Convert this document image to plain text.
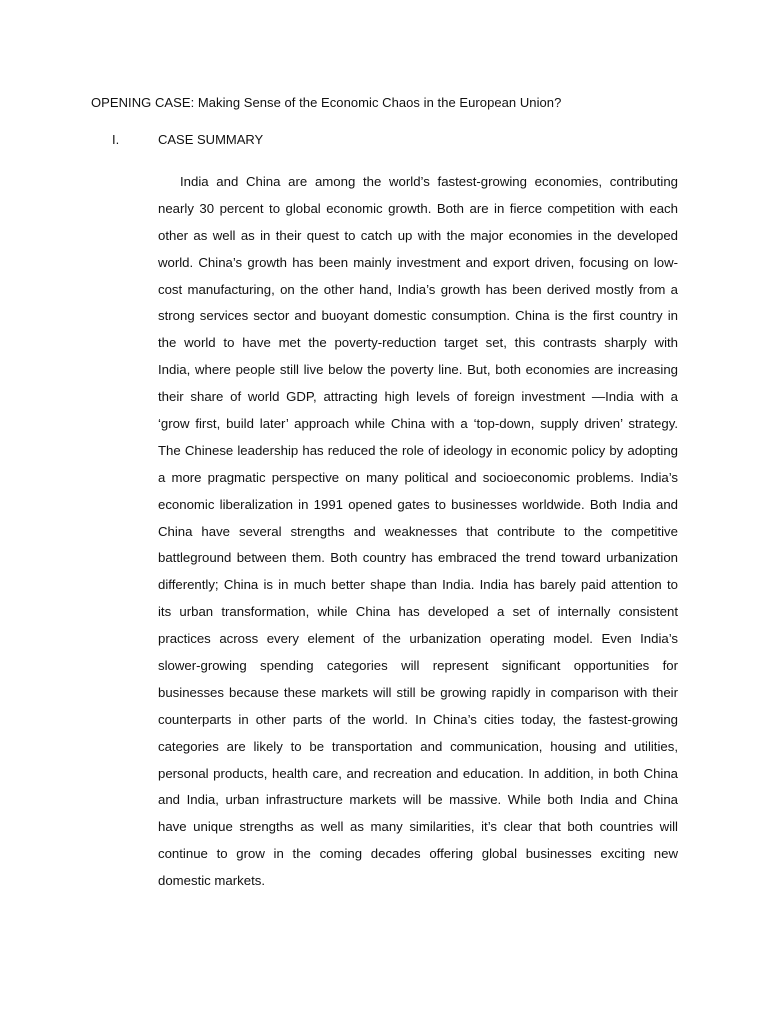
OPENING CASE: Making Sense of the Economic Chaos in the European Union?
I.	CASE SUMMARY
India and China are among the world’s fastest-growing economies, contributing
nearly 30 percent to global economic growth. Both are in fierce competition with each
other as well as in their quest to catch up with the major economies in the developed
world. China’s growth has been mainly investment and export driven, focusing on low-
cost manufacturing, on the other hand, India’s growth has been derived mostly from a
strong services sector and buoyant domestic consumption. China is the first country in
the world to have met the poverty-reduction target set, this contrasts sharply with
India, where people still live below the poverty line. But, both economies are increasing
their share of world GDP, attracting high levels of foreign investment —India with a
‘grow first, build later’ approach while China with a ‘top-down, supply driven’ strategy.
The Chinese leadership has reduced the role of ideology in economic policy by adopting
a more pragmatic perspective on many political and socioeconomic problems. India’s
economic liberalization in 1991 opened gates to businesses worldwide. Both India and
China have several strengths and weaknesses that contribute to the competitive
battleground between them. Both country has embraced the trend toward urbanization
differently; China is in much better shape than India. India has barely paid attention to
its urban transformation, while China has developed a set of internally consistent
practices across every element of the urbanization operating model. Even India’s
slower-growing spending categories will represent significant opportunities for
businesses because these markets will still be growing rapidly in comparison with their
counterparts in other parts of the world. In China’s cities today, the fastest-growing
categories are likely to be transportation and communication, housing and utilities,
personal products, health care, and recreation and education. In addition, in both China
and India, urban infrastructure markets will be massive. While both India and China
have unique strengths as well as many similarities, it’s clear that both countries will
continue to grow in the coming decades offering global businesses exciting new
domestic markets.
